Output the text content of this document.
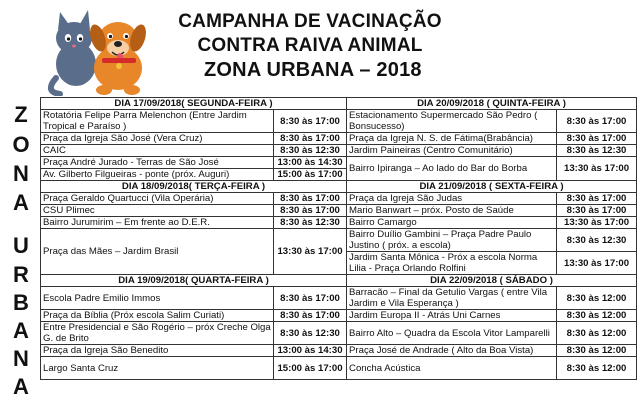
CAMPANHA DE VACINAÇÃO
CONTRA RAIVA ANIMAL
ZONA URBANA – 2018
Z
O
N
A
U
R
B
A
N
A
DIA 17/09/2018( SEGUNDA-FEIRA )		DIA 20/09/2018 ( QUINTA-FEIRA )	

Rotatória Felipe Parra Melenchon (Entre Jardim Tropical e Paraíso )	8:30 às 17:00	Estacionamento Supermercado São Pedro ( Bonsucesso)	8:30 às 17:00
Praça da Igreja São José (Vera Cruz)	8:30 às 17:00	Praça da Igreja N. S. de Fátima(Brabância)	8:30 às 17:00
CAIC	8:30 às 12:30	Jardim Paineiras (Centro Comunitário)	8:30 às 12:30
Praça André Jurado - Terras de São José	13:00 às 14:30	Bairro Ipiranga – Ao lado do Bar do Borba	13:30 às 17:00
Av. Gilberto Filgueiras - ponte (próx. Auguri)	15:00 às 17:00		
DIA 18/09/2018( TERÇA-FEIRA )		DIA 21/09/2018 ( SEXTA-FEIRA )	
Praça Geraldo Quartucci (Vila Operária)	8:30 às 17:00	Praça da Igreja São Judas	8:30 às 17:00
CSU Plimec	8:30 às 17:00	Mario Banwart – próx. Posto de Saúde	8:30 às 17:00
Bairro Jurumirim – Em frente ao D.E.R.	8:30 às 12:30	Bairro Camargo	13:30 às 17:00
Praça das Mães – Jardim Brasil	13:30 às 17:00	Bairro Duílio Gambini – Praça Padre Paulo Justino ( próx. a escola)	8:30 às 12:30

		Jardim Santa Mônica - Próx a escola Norma Lilia - Praça Orlando Rolfini	13:30 às 17:00
DIA 19/09/2018( QUARTA-FEIRA )		DIA 22/09/2018 ( SÁBADO )	
Escola Padre Emilio Immos	8:30 às 17:00	Barracão – Final da Getulio Vargas ( entre Vila Jardim e Vila Esperança )	8:30 às 12:00
Praça da Bíblia (Próx escola Salim Curiati)	8:30 às 17:00	Jardim Europa II - Atrás Uni Carnes	8:30 às 12:00

Entre Presidencial e São Rogério – próx Creche Olga G. de Brito	8:30 às 12:30	Bairro Alto – Quadra da Escola Vitor Lamparelli	8:30 às 12:00
Praça da Igreja São Benedito	13:00 às 14:30	Praça José de Andrade ( Alto da Boa Vista)	8:30 às 12:00
Largo Santa Cruz	15:00 às 17:00	Concha Acústica	8:30 às 12:00
